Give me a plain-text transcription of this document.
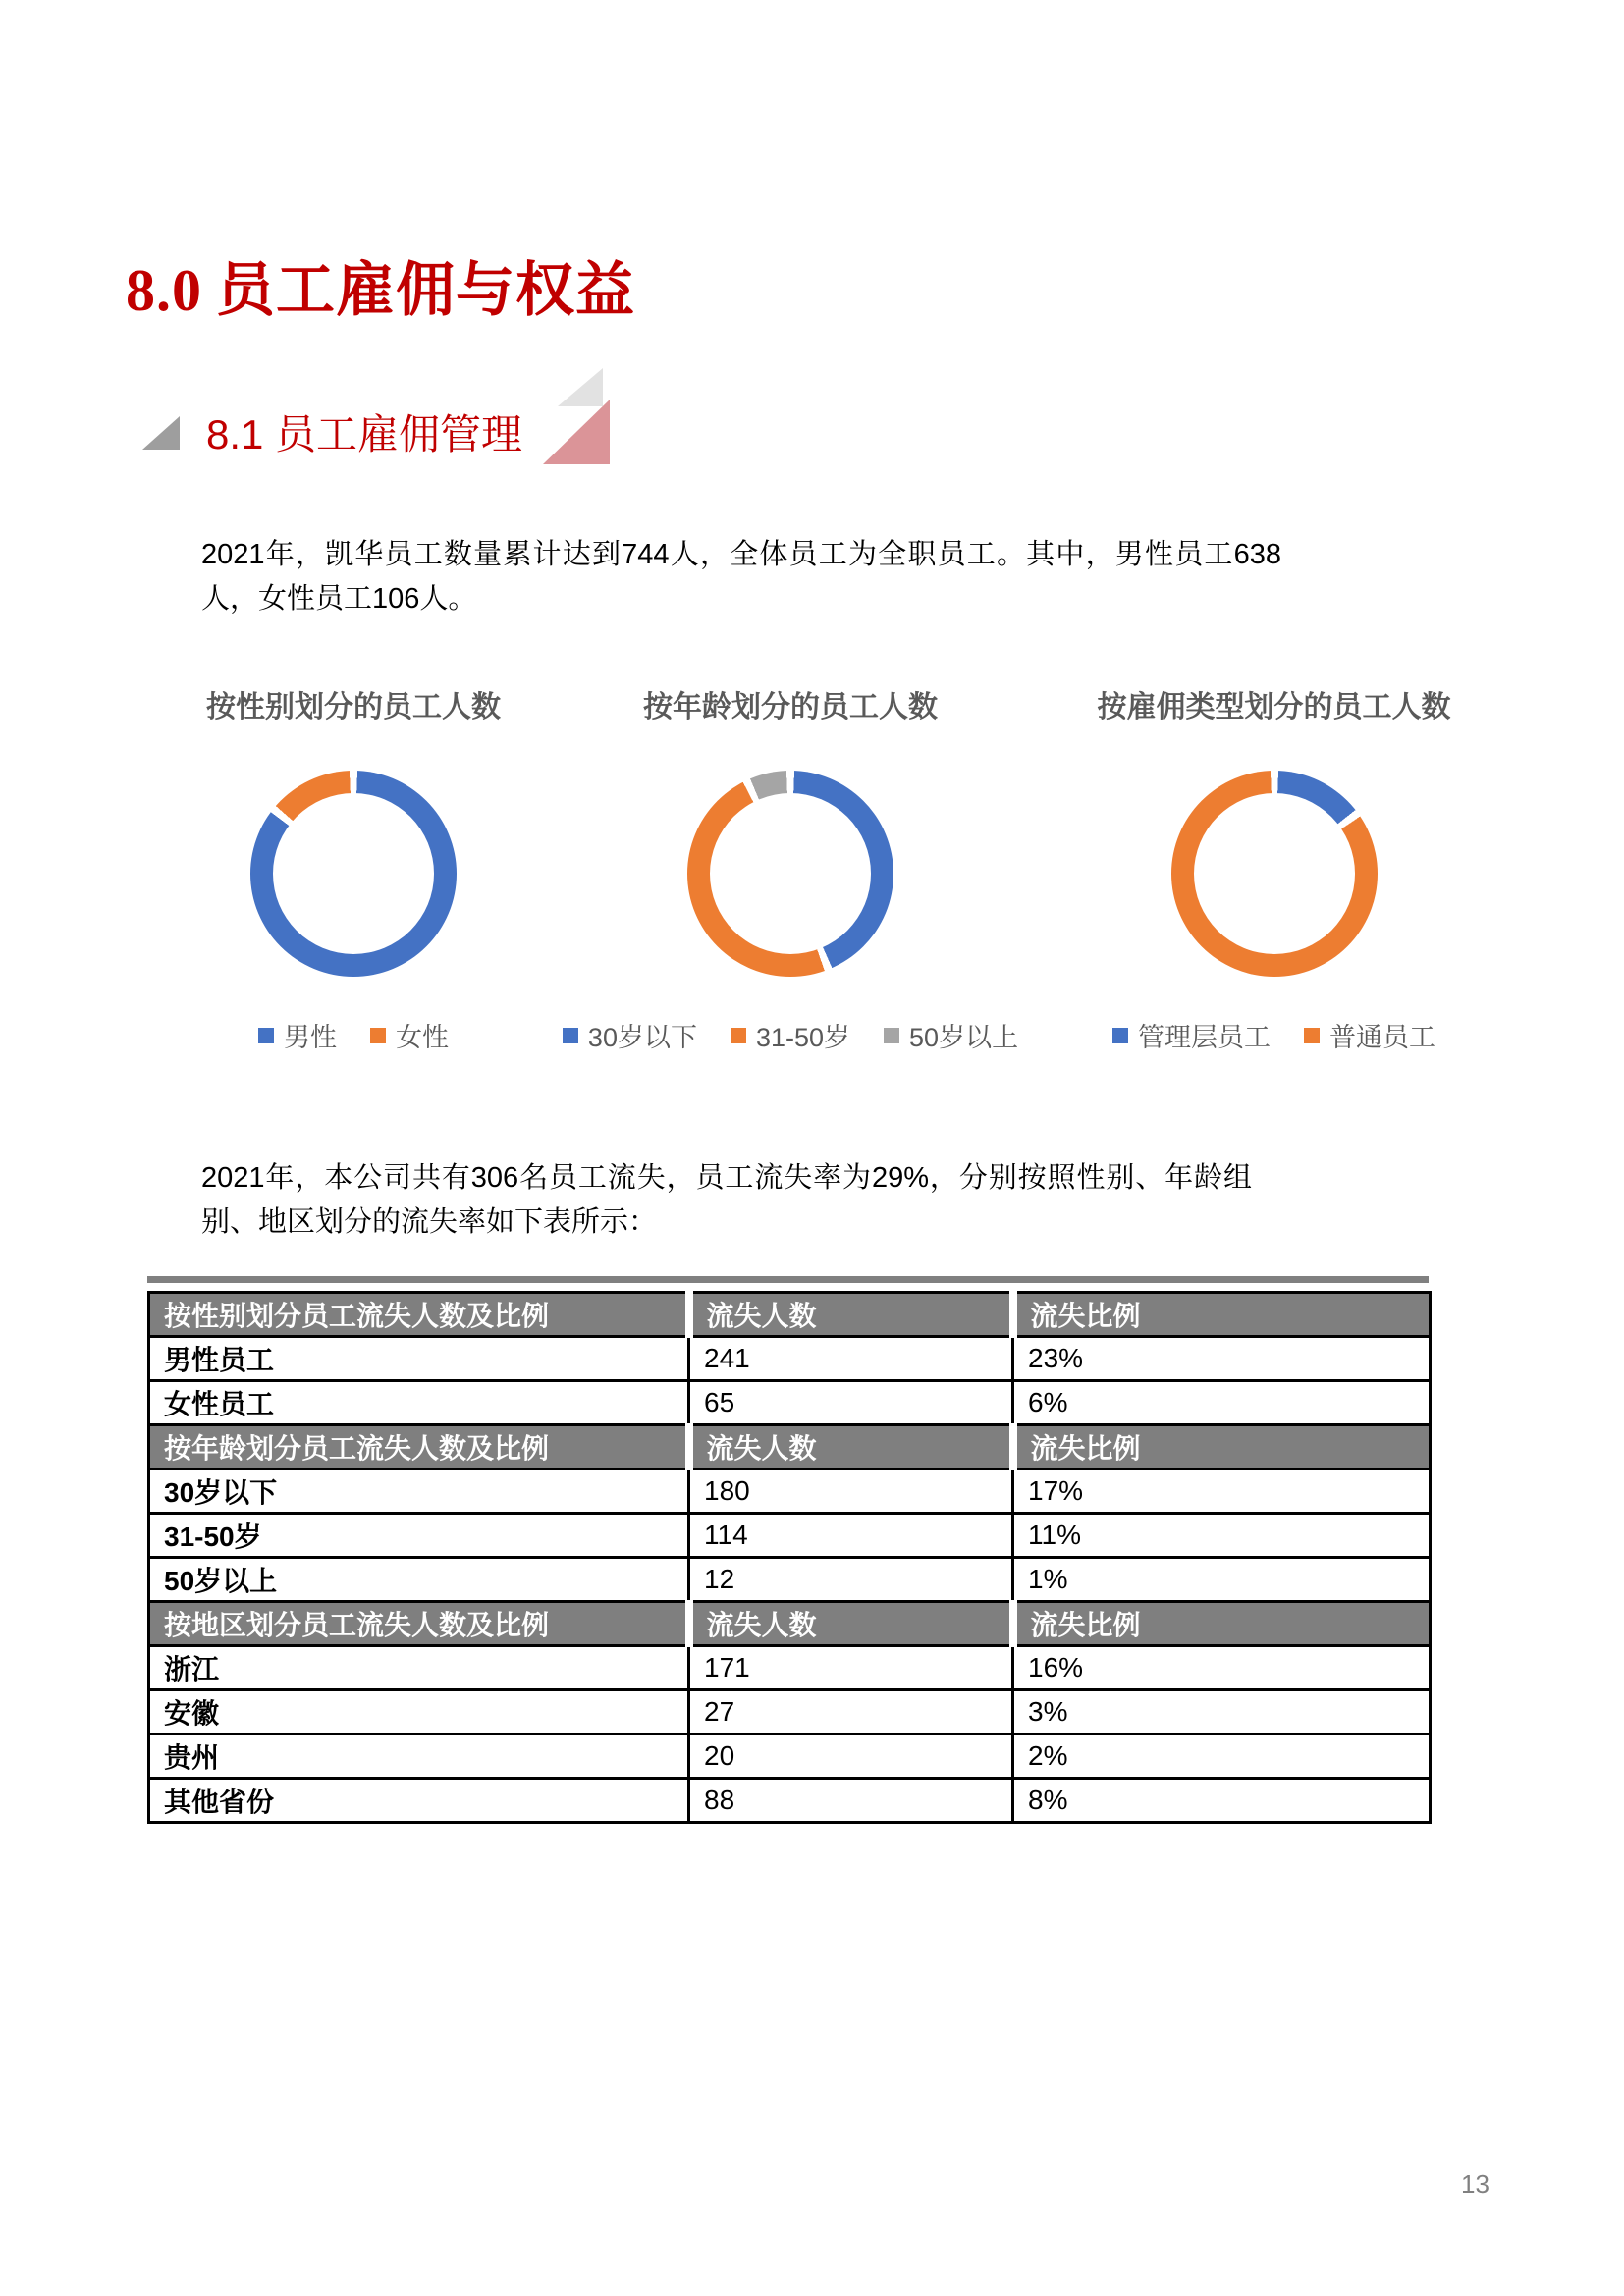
8.0 员工雇佣与权益
8.1 员工雇佣管理

2021年，凯华员工数量累计达到744人，全体员工为全职员工。其中，男性员工638人，女性员工106人。

按性别划分的员工人数
男性 女性
按年龄划分的员工人数
30岁以下 31-50岁 50岁以上
按雇佣类型划分的员工人数
管理层员工 普通员工

2021年，本公司共有306名员工流失，员工流失率为29%，分别按照性别、年龄组别、地区划分的流失率如下表所示：

按性别划分员工流失人数及比例	流失人数	流失比例
男性员工	241	23%
女性员工	65	6%
按年龄划分员工流失人数及比例	流失人数	流失比例
30岁以下	180	17%
31-50岁	114	11%
50岁以上	12	1%
按地区划分员工流失人数及比例	流失人数	流失比例
浙江	171	16%
安徽	27	3%
贵州	20	2%
其他省份	88	8%
13
